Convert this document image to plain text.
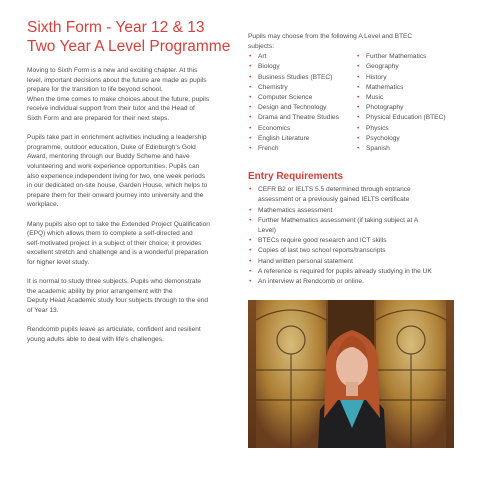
Sixth Form - Year 12 & 13
Two Year A Level Programme

Moving to Sixth Form is a new and exciting chapter. At this
level, important decisions about the future are made as pupils
prepare for the transition to life beyond school.

When the time comes to make choices about the future, pupils
receive individual support from their tutor and the Head of
Sixth Form and are prepared for their next steps.

Pupils take part in enrichment activities including a leadership
programme, outdoor education, Duke of Edinburgh's Gold
Award, mentoring through our Buddy Scheme and have
volunteering and work experience opportunities. Pupils can
also experience independent living for two, one week periods
in our dedicated on-site house, Garden House, which helps to
prepare them for their onward journey into university and the
workplace.

Many pupils also opt to take the Extended Project Qualification
(EPQ) which allows them to complete a self-directed and
self-motivated project in a subject of their choice; it provides
excellent stretch and challenge and is a wonderful preparation
for higher level study.

It is normal to study three subjects. Pupils who demonstrate
the academic ability by prior arrangement with the
Deputy Head Academic study four subjects through to the end
of Year 13.

Rendcomb pupils leave as articulate, confident and resilient
young adults able to deal with life's challenges.

Pupils may choose from the following A Level and BTEC
subjects:
• Art
• Biology
• Business Studies (BTEC)
• Chemistry
• Computer Science
• Design and Technology
• Drama and Theatre Studies
• Economics
• English Literature
• French
• Further Mathematics
• Geography
• History
• Mathematics
• Music
• Photography
• Physical Education (BTEC)
• Physics
• Psychology
• Spanish
Entry Requirements
• CEFR B2 or IELTS 5.5 determined through entrance
assessment or a previously gained IELTS certificate
• Mathematics assessment
• Further Mathematics assessment (if taking subject at A
Level)
• BTECs require good research and ICT skills
• Copies of last two school reports/transcripts
• Hand written personal statement
• A reference is required for pupils already studying in the UK
• An interview at Rendcomb or online.
